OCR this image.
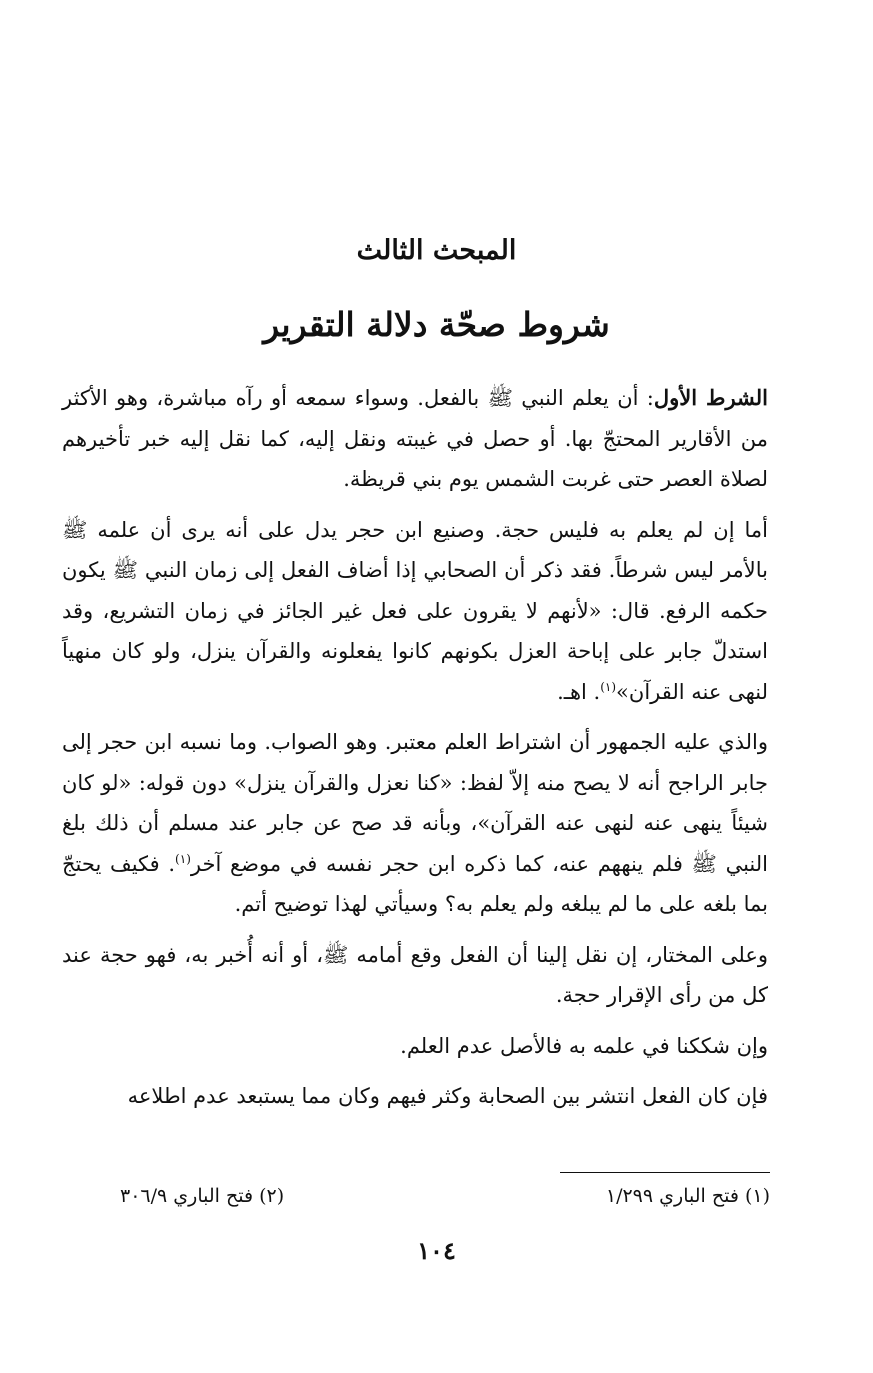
المبحث الثالث
شروط صحّة دلالة التقرير

الشرط الأول: أن يعلم النبي ﷺ بالفعل. وسواء سمعه أو رآه مباشرة، وهو الأكثر من الأقارير المحتجّ بها. أو حصل في غيبته ونقل إليه، كما نقل إليه خبر تأخيرهم لصلاة العصر حتى غربت الشمس يوم بني قريظة.

أما إن لم يعلم به فليس حجة. وصنيع ابن حجر يدل على أنه يرى أن علمه ﷺ بالأمر ليس شرطاً. فقد ذكر أن الصحابي إذا أضاف الفعل إلى زمان النبي ﷺ يكون حكمه الرفع. قال: «لأنهم لا يقرون على فعل غير الجائز في زمان التشريع، وقد استدلّ جابر على إباحة العزل بكونهم كانوا يفعلونه والقرآن ينزل، ولو كان منهياً لنهى عنه القرآن»$^{(١)}$. اهـ.

والذي عليه الجمهور أن اشتراط العلم معتبر. وهو الصواب. وما نسبه ابن حجر إلى جابر الراجح أنه لا يصح منه إلاّ لفظ: «كنا نعزل والقرآن ينزل» دون قوله: «لو كان شيئاً ينهى عنه لنهى عنه القرآن»، وبأنه قد صح عن جابر عند مسلم أن ذلك بلغ النبي ﷺ فلم ينههم عنه، كما ذكره ابن حجر نفسه في موضع آخر$^{(١)}$. فكيف يحتجّ بما بلغه على ما لم يبلغه ولم يعلم به؟ وسيأتي لهذا توضيح أتم.

وعلى المختار، إن نقل إلينا أن الفعل وقع أمامه ﷺ، أو أنه أُخبر به، فهو حجة عند كل من رأى الإقرار حجة.

وإن شككنا في علمه به فالأصل عدم العلم.

فإن كان الفعل انتشر بين الصحابة وكثر فيهم وكان مما يستبعد عدم اطلاعه

(١) فتح الباري ١/٢٩٩
(٢) فتح الباري ٣٠٦/٩
١٠٤
